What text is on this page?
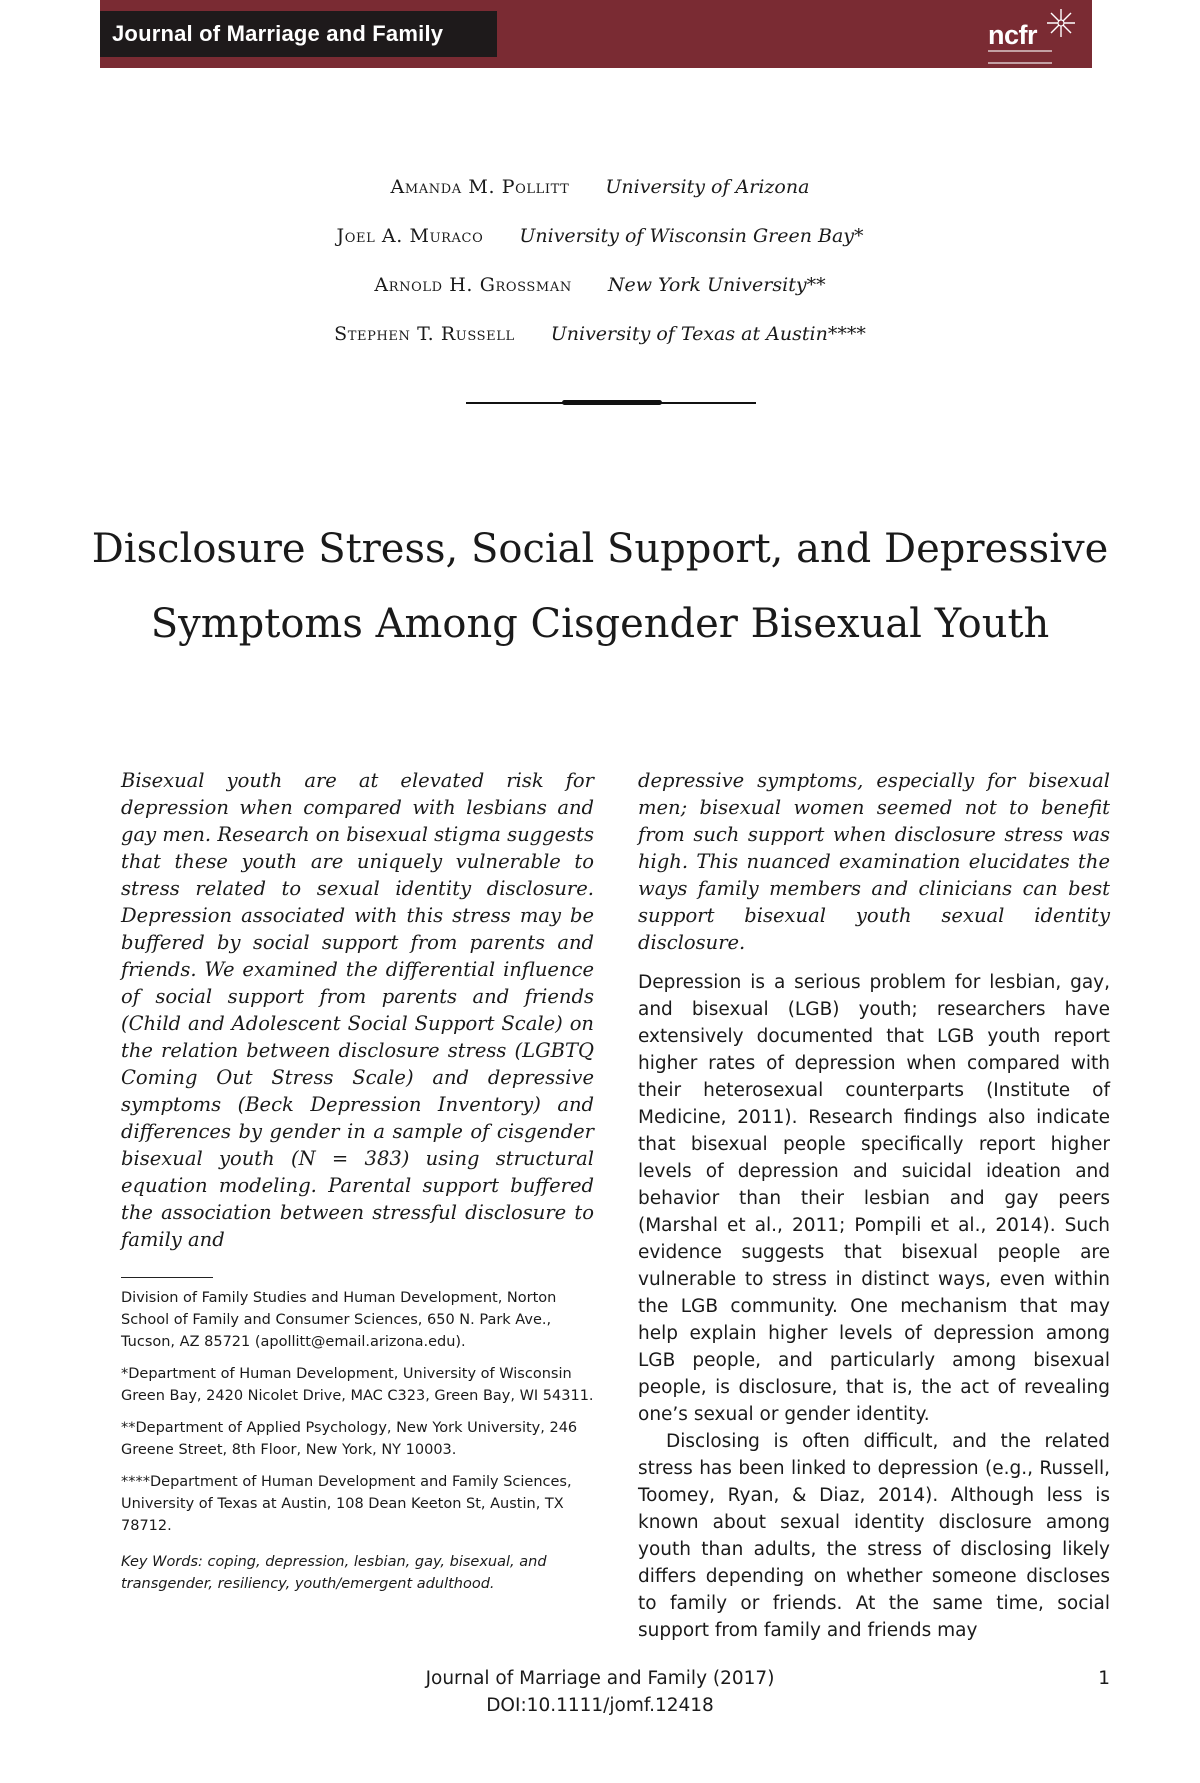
Journal of Marriage and Family	ncfr
Amanda M. Pollitt University of Arizona
Joel A. Muraco University of Wisconsin Green Bay*
Arnold H. Grossman New York University**
Stephen T. Russell University of Texas at Austin****
Disclosure Stress, Social Support, and Depressive
Symptoms Among Cisgender Bisexual Youth
Bisexual youth are at elevated risk for depression when compared with lesbians and gay men. Research on bisexual stigma suggests that these youth are uniquely vulnerable to stress related to sexual identity disclosure. Depression associated with this stress may be buffered by social support from parents and friends. We examined the differential influence of social support from parents and friends (Child and Adolescent Social Support Scale) on the relation between disclosure stress (LGBTQ Coming Out Stress Scale) and depressive symptoms (Beck Depression Inventory) and differences by gender in a sample of cisgender bisexual youth (N = 383) using structural equation modeling. Parental support buffered the association between stressful disclosure to family and
depressive symptoms, especially for bisexual men; bisexual women seemed not to benefit from such support when disclosure stress was high. This nuanced examination elucidates the ways family members and clinicians can best support bisexual youth sexual identity disclosure.

Depression is a serious problem for lesbian, gay, and bisexual (LGB) youth; researchers have extensively documented that LGB youth report higher rates of depression when compared with their heterosexual counterparts (Institute of Medicine, 2011). Research findings also indicate that bisexual people specifically report higher levels of depression and suicidal ideation and behavior than their lesbian and gay peers (Marshal et al., 2011; Pompili et al., 2014). Such evidence suggests that bisexual people are vulnerable to stress in distinct ways, even within the LGB community. One mechanism that may help explain higher levels of depression among LGB people, and particularly among bisexual people, is disclosure, that is, the act of revealing one’s sexual or gender identity.

Disclosing is often difficult, and the related stress has been linked to depression (e.g., Russell, Toomey, Ryan, & Diaz, 2014). Although less is known about sexual identity disclosure among youth than adults, the stress of disclosing likely differs depending on whether someone discloses to family or friends. At the same time, social support from family and friends may

Division of Family Studies and Human Development, Norton School of Family and Consumer Sciences, 650 N. Park Ave., Tucson, AZ 85721 (apollitt@email.arizona.edu).

*Department of Human Development, University of Wisconsin Green Bay, 2420 Nicolet Drive, MAC C323, Green Bay, WI 54311.

**Department of Applied Psychology, New York University, 246 Greene Street, 8th Floor, New York, NY 10003.

****Department of Human Development and Family Sciences, University of Texas at Austin, 108 Dean Keeton St, Austin, TX 78712.

Key Words: coping, depression, lesbian, gay, bisexual, and transgender, resiliency, youth/emergent adulthood.

Journal of Marriage and Family (2017)
DOI:10.1111/jomf.12418
1
